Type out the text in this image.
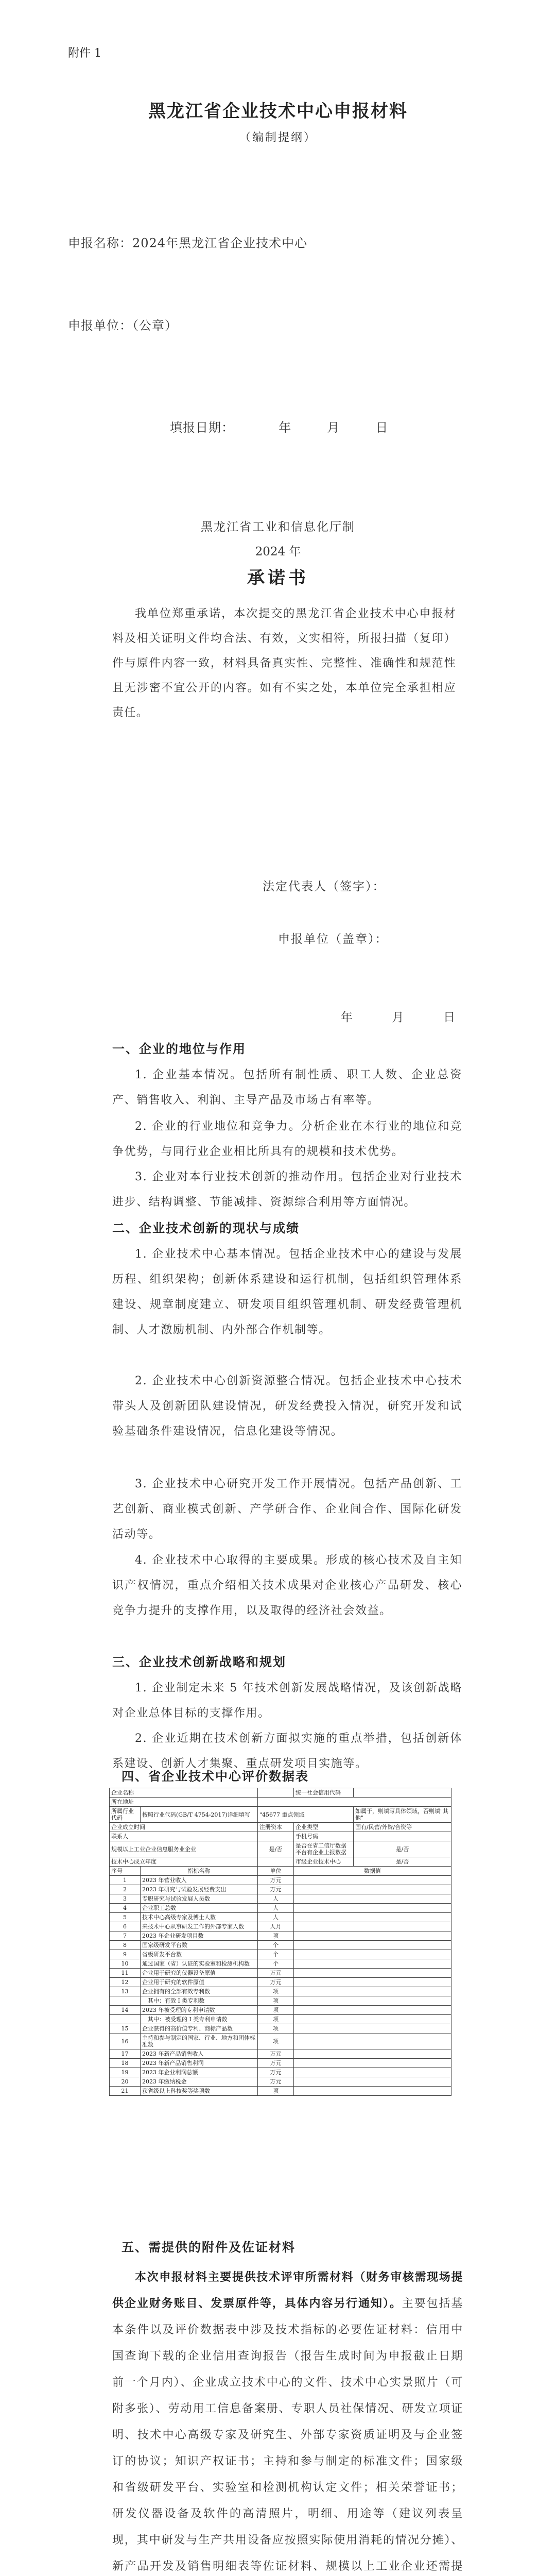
附件 1
黑龙江省企业技术中心申报材料
（编制提纲）
申报名称：2024年黑龙江省企业技术中心
申报单位：（公章）
填报日期：          年        月        日
黑龙江省工业和信息化厅制
2024 年
承诺书
我单位郑重承诺，本次提交的黑龙江省企业技术中心申报材料及相关证明文件均合法、有效，文实相符，所报扫描（复印）件与原件内容一致，材料具备真实性、完整性、准确性和规范性且无涉密不宜公开的内容。如有不实之处，本单位完全承担相应责任。
法定代表人（签字）：
申报单位（盖章）：
年        月        日
一、企业的地位与作用
1. 企业基本情况。包括所有制性质、职工人数、企业总资产、销售收入、利润、主导产品及市场占有率等。
2. 企业的行业地位和竞争力。分析企业在本行业的地位和竞争优势，与同行业企业相比所具有的规模和技术优势。
3. 企业对本行业技术创新的推动作用。包括企业对行业技术进步、结构调整、节能减排、资源综合利用等方面情况。
二、企业技术创新的现状与成绩
1. 企业技术中心基本情况。包括企业技术中心的建设与发展历程、组织架构；创新体系建设和运行机制，包括组织管理体系建设、规章制度建立、研发项目组织管理机制、研发经费管理机制、人才激励机制、内外部合作机制等。
2. 企业技术中心创新资源整合情况。包括企业技术中心技术带头人及创新团队建设情况，研发经费投入情况，研究开发和试验基础条件建设情况，信息化建设等情况。
3. 企业技术中心研究开发工作开展情况。包括产品创新、工艺创新、商业模式创新、产学研合作、企业间合作、国际化研发活动等。
4. 企业技术中心取得的主要成果。形成的核心技术及自主知识产权情况，重点介绍相关技术成果对企业核心产品研发、核心竞争力提升的支撑作用，以及取得的经济社会效益。
三、企业技术创新战略和规划
1. 企业制定未来 5 年技术创新发展战略情况，及该创新战略对企业总体目标的支撑作用。
2. 企业近期在技术创新方面拟实施的重点举措，包括创新体系建设、创新人才集聚、重点研发项目实施等。
四、省企业技术中心评价数据表
企业名称			统一社会信用代码	
所在地址				
所属行业代码	按照行业代码(GB/T 4754-2017)详细填写	"45677 重点领域		如属于，则填写具体领域，否则填"其他"
企业成立时间		注册资本	企业类型	国有/民营/外资/合资等
联系人			手机号码	
规模以上工业企业信息服务业企业		是/否	是否在省工信厅数据平台有企业上报数据	是/否
技术中心成立年度			市级企业技术中心	是/否
序号	指标名称	单位	数据值	
1	2023 年营业收入	万元		
2	2023 年研究与试验发展经费支出	万元		
3	专职研究与试验发展人员数	人		
4	企业职工总数	人		
5	技术中心高级专家及博士人数	人		
6	来技术中心从事研发工作的外部专家人数	人月		
7	2023 年企业研发项目数	项		
8	国家级研发平台数	个		
9	省级研发平台数	个		
10	通过国家（省）认证的实验室和检测机构数	个		
11	企业用于研究的仪器设备原值	万元		
12	企业用于研究的软件原值	万元		
13	企业拥有的全部有效专利数	项		
	其中：有效 I 类专利数	项		
14	2023 年被受理的专利申请数	项		
	其中：被受理的 I 类专利申请数	项		
15	企业获得的高价值专利、商标产品数	项		
16	主持和参与制定的国家、行业、地方和团体标准数	项		
17	2023 年新产品销售收入	万元		
18	2023 年新产品销售利润	万元		
19	2023 年企业利润总额	万元		
20	2023 年缴纳税金	万元		
21	获省级以上科技奖等奖项数	项		
五、需提供的附件及佐证材料
本次申报材料主要提供技术评审所需材料（财务审核需现场提供企业财务账目、发票原件等，具体内容另行通知）。主要包括基本条件以及评价数据表中涉及技术指标的必要佐证材料：信用中国查询下载的企业信用查询报告（报告生成时间为申报截止日期前一个月内）、企业成立技术中心的文件、技术中心实景照片（可附多张）、劳动用工信息备案册、专职人员社保情况、研发立项证明、技术中心高级专家及研究生、外部专家资质证明及与企业签订的协议；知识产权证书；主持和参与制定的标准文件；国家级和省级研发平台、实验室和检测机构认定文件；相关荣誉证书；研发仪器设备及软件的高清照片，明细、用途等（建议列表呈现，其中研发与生产共用设备应按照实际使用消耗的情况分摊）、新产品开发及销售明细表等佐证材料、规模以上工业企业还需提
